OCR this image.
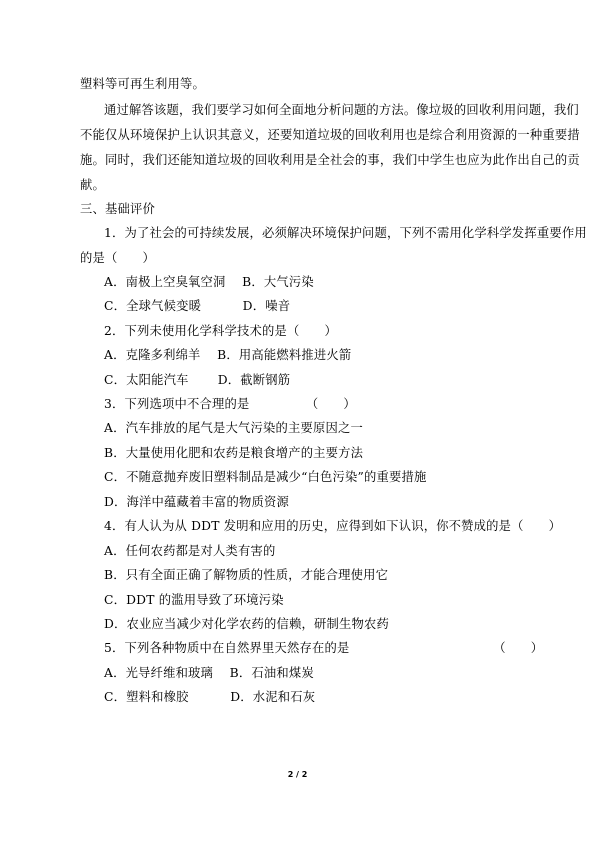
塑料等可再生利用等。
通过解答该题，我们要学习如何全面地分析问题的方法。像垃圾的回收利用问题，我们
不能仅从环境保护上认识其意义，还要知道垃圾的回收利用也是综合利用资源的一种重要措
施。同时，我们还能知道垃圾的回收利用是全社会的事，我们中学生也应为此作出自己的贡
献。
三、基础评价
1．为了社会的可持续发展，必须解决环境保护问题，下列不需用化学科学发挥重要作用
的是（　　）
A．南极上空臭氧空洞　 B．大气污染
C．全球气候变暖　　　 D．噪音
2．下列未使用化学科学技术的是（　　）
A．克隆多利绵羊　 B．用高能燃料推进火箭
C．太阳能汽车　　 D．截断钢筋
3．下列选项中不合理的是　　　　　（　　）
A．汽车排放的尾气是大气污染的主要原因之一
B．大量使用化肥和农药是粮食增产的主要方法
C．不随意抛弃废旧塑料制品是减少“白色污染”的重要措施
D．海洋中蕴藏着丰富的物质资源
4．有人认为从 DDT 发明和应用的历史，应得到如下认识，你不赞成的是（　　）
A．任何农药都是对人类有害的
B．只有全面正确了解物质的性质，才能合理使用它
C．DDT 的滥用导致了环境污染
D．农业应当减少对化学农药的信赖，研制生物农药
5．下列各种物质中在自然界里天然存在的是　　　　　　　　　　　　（　　）
A．光导纤维和玻璃　 B．石油和煤炭
C．塑料和橡胶　　　 D．水泥和石灰
2 / 2
